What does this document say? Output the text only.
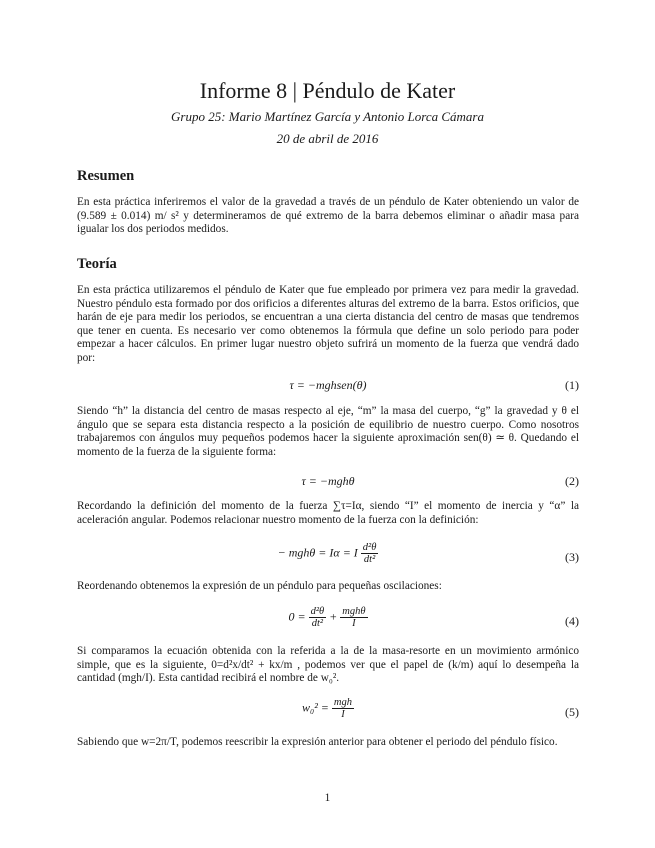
Informe 8 | Péndulo de Kater
Grupo 25: Mario Martínez García y Antonio Lorca Cámara
20 de abril de 2016
Resumen
En esta práctica inferiremos el valor de la gravedad a través de un péndulo de Kater obteniendo un valor de (9.589 ± 0.014) m/ s² y determineramos de qué extremo de la barra debemos eliminar o añadir masa para igualar los dos periodos medidos.
Teoría
En esta práctica utilizaremos el péndulo de Kater que fue empleado por primera vez para medir la gravedad. Nuestro péndulo esta formado por dos orificios a diferentes alturas del extremo de la barra. Estos orificios, que harán de eje para medir los periodos, se encuentran a una cierta distancia del centro de masas que tendremos que tener en cuenta. Es necesario ver como obtenemos la fórmula que define un solo periodo para poder empezar a hacer cálculos. En primer lugar nuestro objeto sufrirá un momento de la fuerza que vendrá dado por:
τ = −mghsen(θ)	(1)
Siendo “h” la distancia del centro de masas respecto al eje, “m” la masa del cuerpo, “g” la gravedad y θ el ángulo que se separa esta distancia respecto a la posición de equilibrio de nuestro cuerpo. Como nosotros trabajaremos con ángulos muy pequeños podemos hacer la siguiente aproximación sen(θ) ≃ θ. Quedando el momento de la fuerza de la siguiente forma:
τ = −mghθ	(2)
Recordando la definición del momento de la fuerza ∑τ=Iα, siendo “I” el momento de inercia y “α” la aceleración angular. Podemos relacionar nuestro momento de la fuerza con la definición:
− mghθ = Iα = I $\frac{\text{d²θ}}{\text{dt²}}$	(3)
Reordenando obtenemos la expresión de un péndulo para pequeñas oscilaciones:
$0 = \frac{\text{d²θ}}{\text{dt²}} + \frac{\text{mghθ}}{I}$	(4)
Si comparamos la ecuación obtenida con la referida a la de la masa-resorte en un movimiento armónico simple, que es la siguiente, 0=d²x/dt² + kx/m , podemos ver que el papel de (k/m) aquí lo desempeña la cantidad (mgh/I). Esta cantidad recibirá el nombre de w₀².
$w_0^2 = \frac{\text{mgh}}{I}$	(5)
Sabiendo que w=2π/T, podemos reescribir la expresión anterior para obtener el periodo del péndulo físico.
1
